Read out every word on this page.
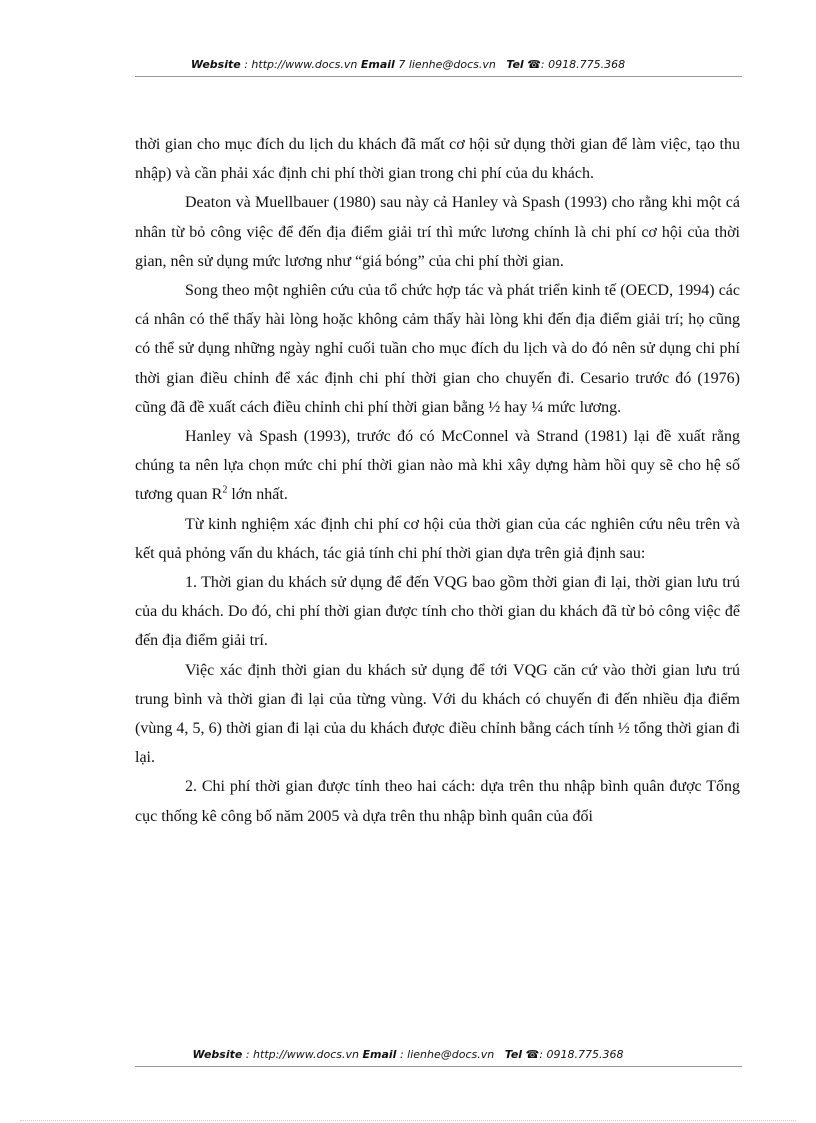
Website : http://www.docs.vn Email 7 lienhe@docs.vn Tel ☎: 0918.775.368

thời gian cho mục đích du lịch du khách đã mất cơ hội sử dụng thời gian để làm việc, tạo thu nhập) và cần phải xác định chi phí thời gian trong chi phí của du khách.

Deaton và Muellbauer (1980) sau này cả Hanley và Spash (1993) cho rằng khi một cá nhân từ bỏ công việc để đến địa điểm giải trí thì mức lương chính là chi phí cơ hội của thời gian, nên sử dụng mức lương như “giá bóng” của chi phí thời gian.

Song theo một nghiên cứu của tổ chức hợp tác và phát triển kinh tế (OECD, 1994) các cá nhân có thể thấy hài lòng hoặc không cảm thấy hài lòng khi đến địa điểm giải trí; họ cũng có thể sử dụng những ngày nghỉ cuối tuần cho mục đích du lịch và do đó nên sử dụng chi phí thời gian điều chỉnh để xác định chi phí thời gian cho chuyến đi. Cesario trước đó (1976) cũng đã đề xuất cách điều chỉnh chi phí thời gian bằng ½ hay ¼ mức lương.

Hanley và Spash (1993), trước đó có McConnel và Strand (1981) lại đề xuất rằng chúng ta nên lựa chọn mức chi phí thời gian nào mà khi xây dựng hàm hồi quy sẽ cho hệ số tương quan $R^2$ lớn nhất.

Từ kinh nghiệm xác định chi phí cơ hội của thời gian của các nghiên cứu nêu trên và kết quả phỏng vấn du khách, tác giả tính chi phí thời gian dựa trên giả định sau:

1. Thời gian du khách sử dụng để đến VQG bao gồm thời gian đi lại, thời gian lưu trú của du khách. Do đó, chi phí thời gian được tính cho thời gian du khách đã từ bỏ công việc để đến địa điểm giải trí.

Việc xác định thời gian du khách sử dụng để tới VQG căn cứ vào thời gian lưu trú trung bình và thời gian đi lại của từng vùng. Với du khách có chuyến đi đến nhiều địa điểm (vùng 4, 5, 6) thời gian đi lại của du khách được điều chỉnh bằng cách tính ½ tổng thời gian đi lại.

2. Chi phí thời gian được tính theo hai cách: dựa trên thu nhập bình quân được Tổng cục thống kê công bố năm 2005 và dựa trên thu nhập bình quân của đối

Website : http://www.docs.vn Email : lienhe@docs.vn Tel ☎: 0918.775.368
